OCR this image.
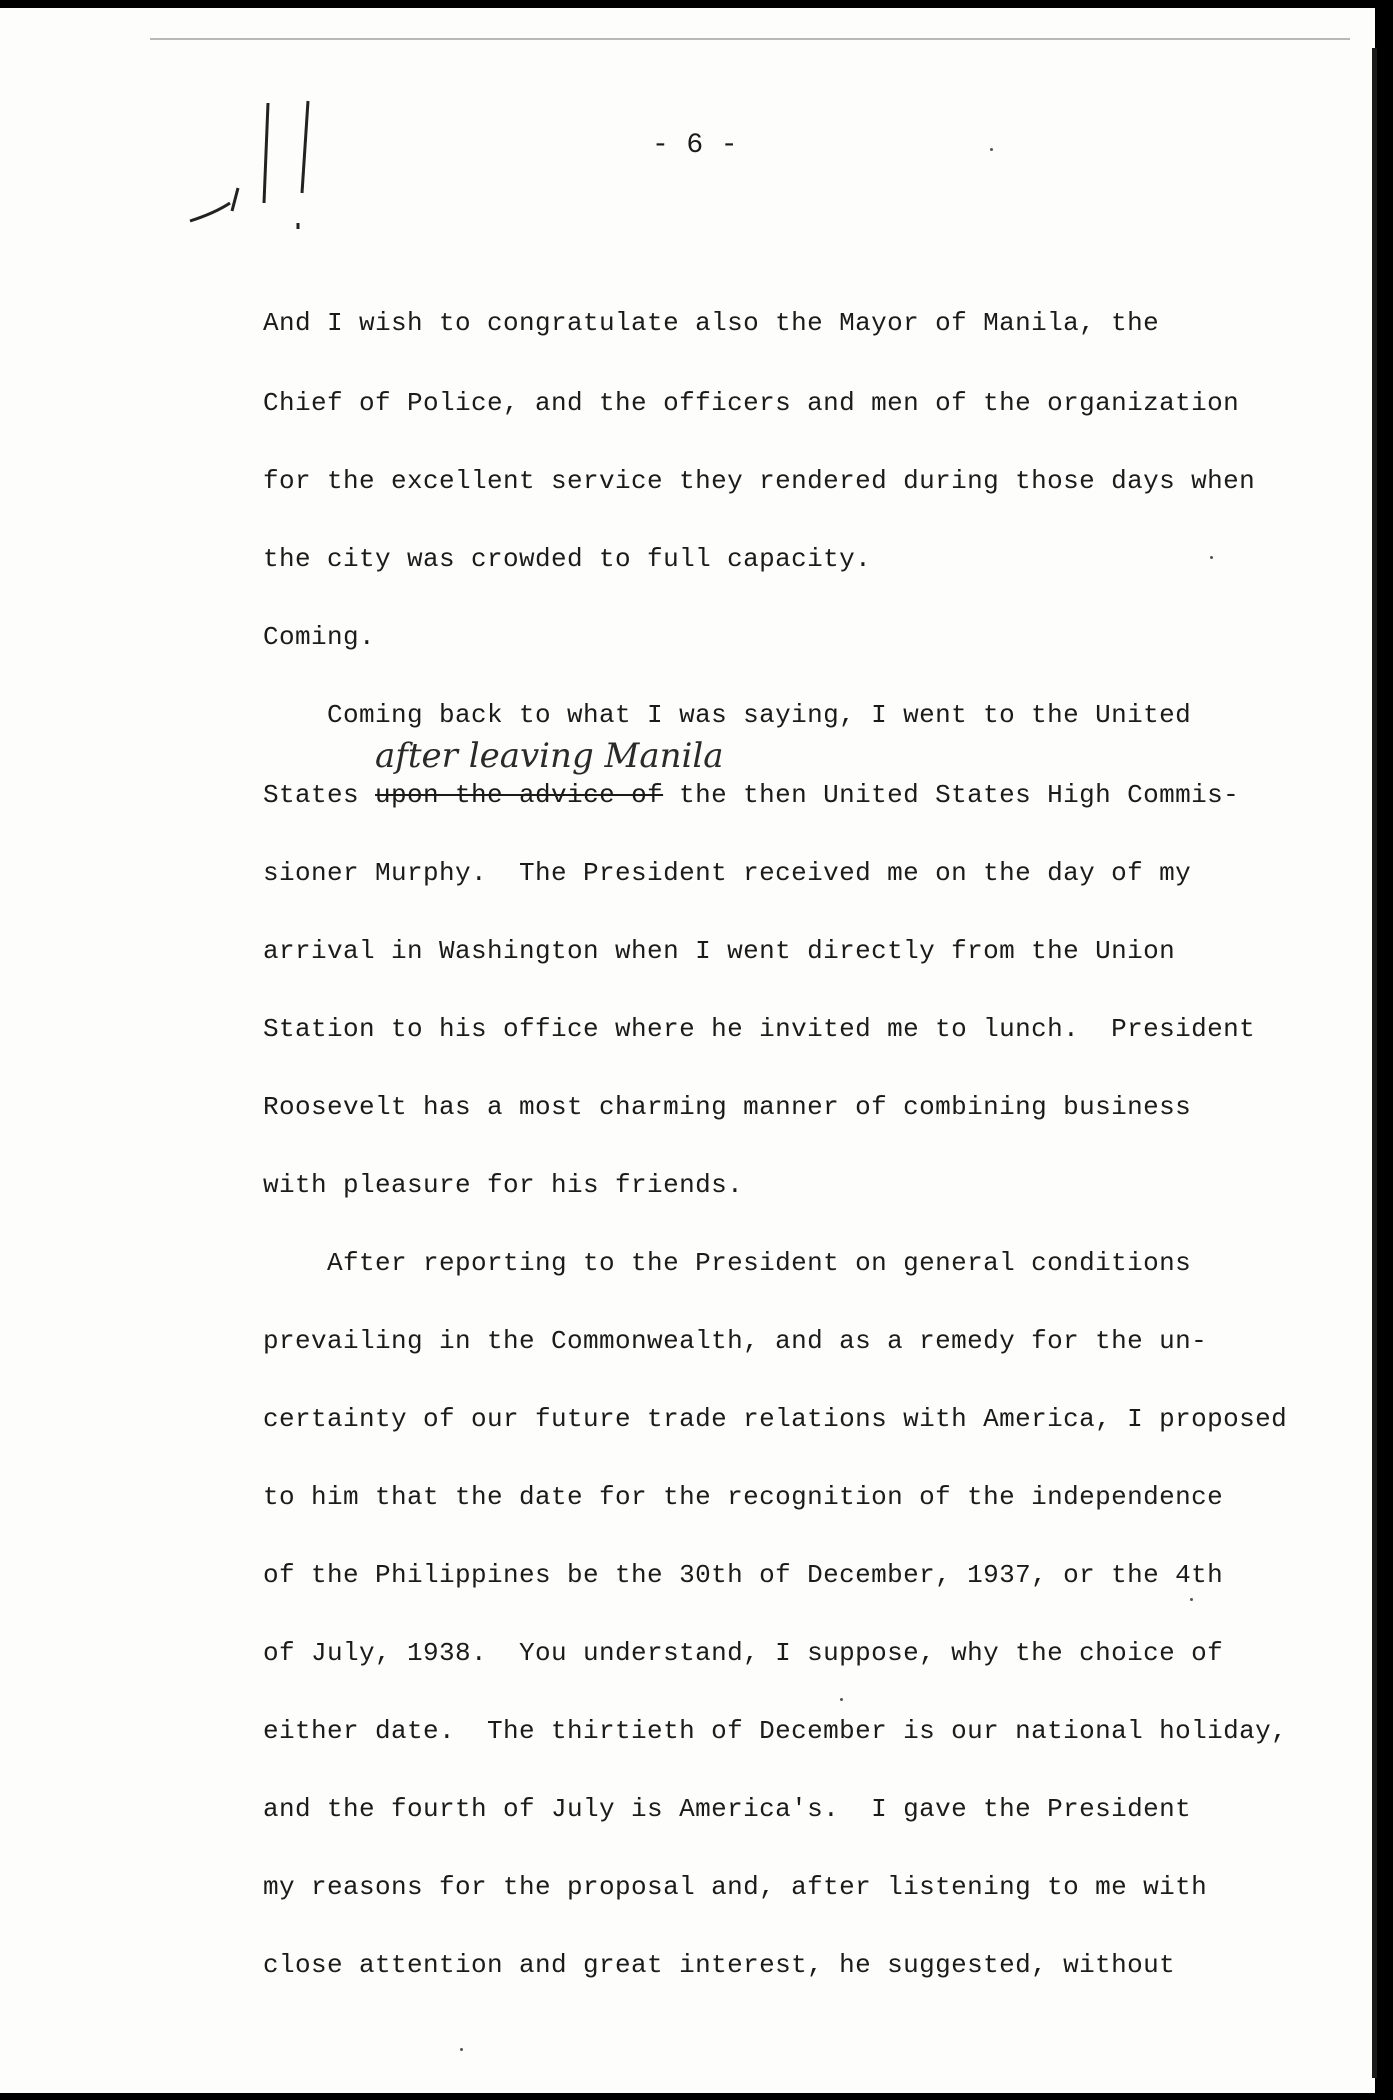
- 6 -
And I wish to congratulate also the Mayor of Manila, the
Chief of Police, and the officers and men of the organization
for the excellent service they rendered during those days when
the city was crowded to full capacity.
Coming.
Coming back to what I was saying, I went to the United
after leaving Manila
States upon the advice of the then United States High Commis-
sioner Murphy.  The President received me on the day of my
arrival in Washington when I went directly from the Union
Station to his office where he invited me to lunch.  President
Roosevelt has a most charming manner of combining business
with pleasure for his friends.
After reporting to the President on general conditions
prevailing in the Commonwealth, and as a remedy for the un-
certainty of our future trade relations with America, I proposed
to him that the date for the recognition of the independence
of the Philippines be the 30th of December, 1937, or the 4th
of July, 1938.  You understand, I suppose, why the choice of
either date.  The thirtieth of December is our national holiday,
and the fourth of July is America's.  I gave the President
my reasons for the proposal and, after listening to me with
close attention and great interest, he suggested, without
